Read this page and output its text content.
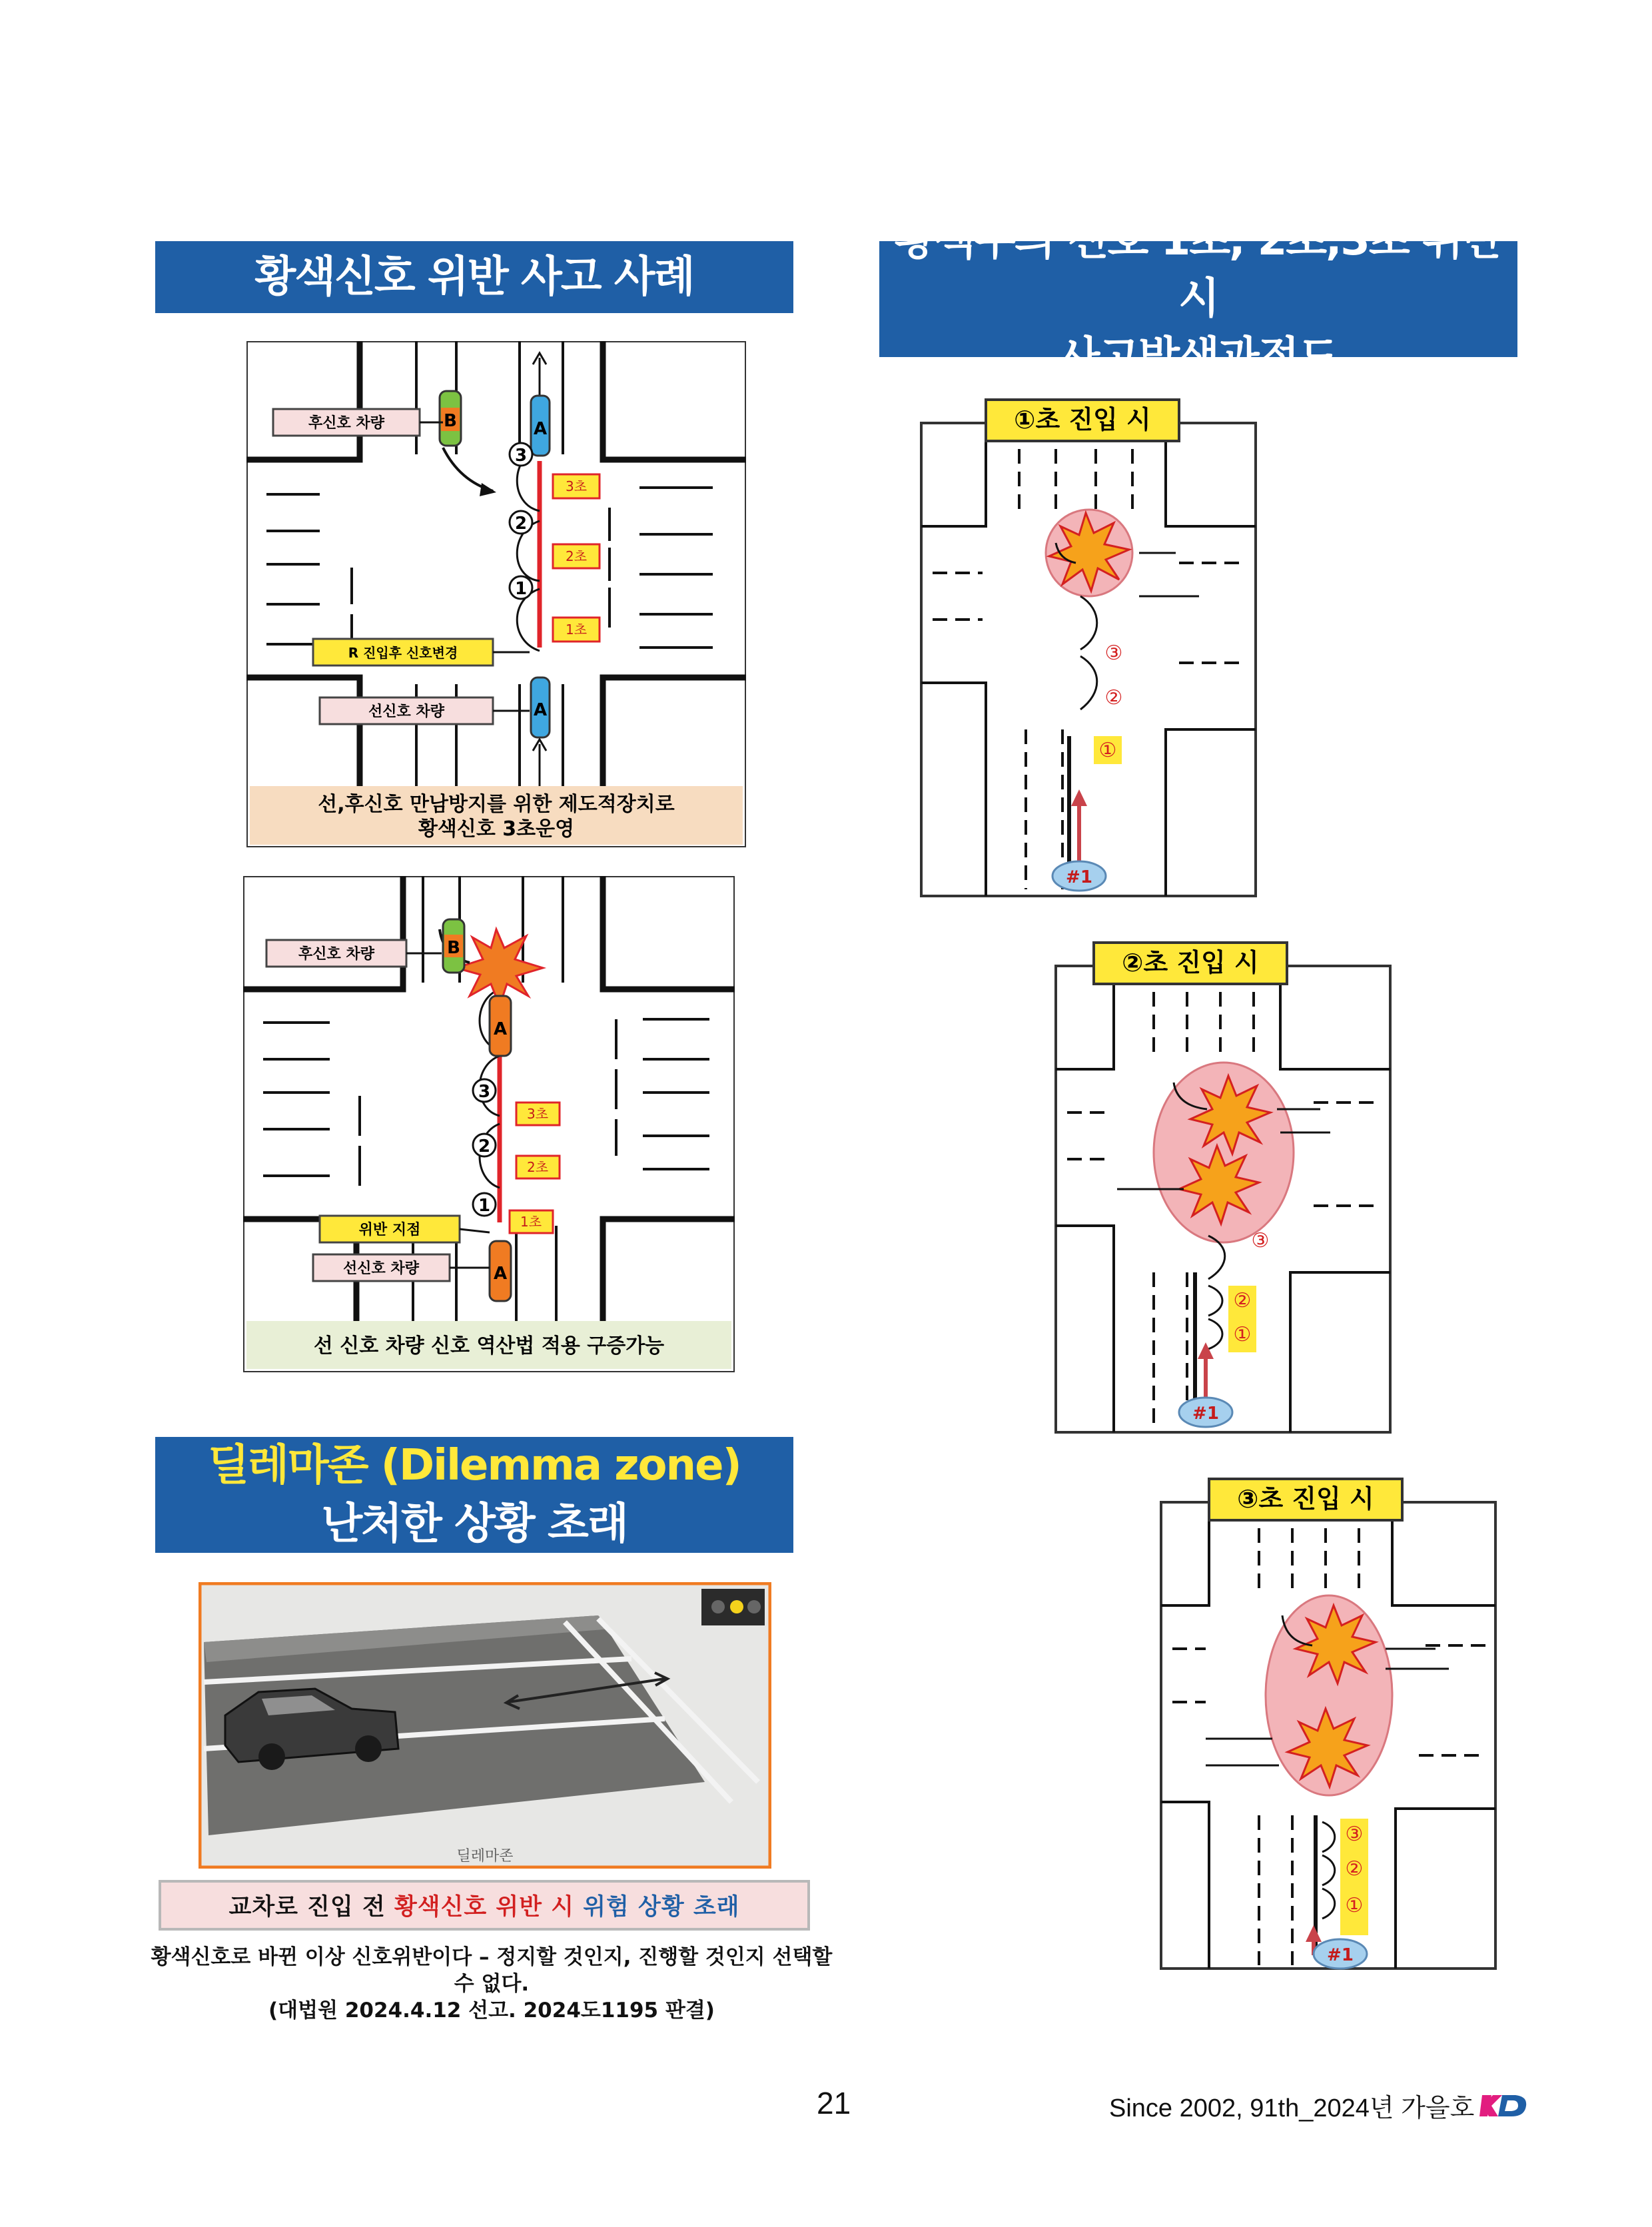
황색신호 위반 사고 사례
황색주의 신호 1초, 2초,3초 위반시
사고발생과정도
딜레마존 (Dilemma zone)
난처한 상황 초래
A
A
B
3
2
1
3초
2초
1초
후신호 차량
R 진입후 신호변경
선신호 차량
선,후신호 만남방지를 위한 제도적장치로
황색신호 3초운영
B
A
A
3
2
1
3초
2초
1초
후신호 차량
위반 지점
선신호 차량
선 신호 차량 신호 역산법 적용 구증가능
①
③
②
#1
①초 진입 시
②
①
③
#1
②초 진입 시
③
②
①
#1
③초 진입 시
딜레마존
교차로 진입 전
황색신호 위반 시
위험 상황 초래
황색신호로 바뀐 이상 신호위반이다 – 정지할 것인지, 진행할 것인지 선택할 수 없다.
(대법원 2024.4.12 선고. 2024도1195 판결)
21	Since 2002, 91th_2024년 가을호
